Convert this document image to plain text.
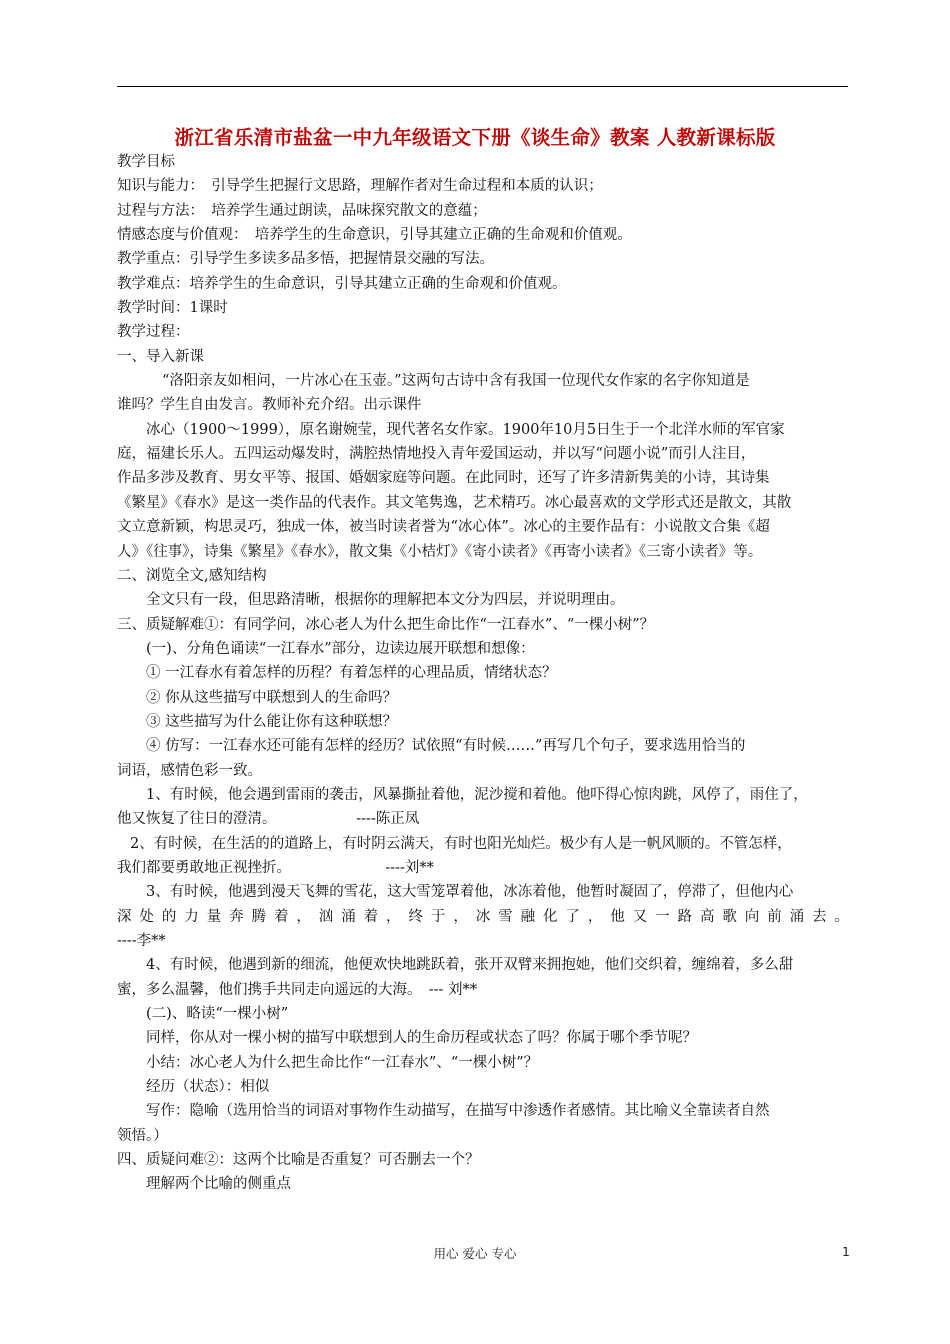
浙江省乐清市盐盆一中九年级语文下册《谈生命》教案 人教新课标版
教学目标
知识与能力：　引导学生把握行文思路，理解作者对生命过程和本质的认识；
过程与方法：　培养学生通过朗读，品味探究散文的意蕴；
情感态度与价值观：　培养学生的生命意识，引导其建立正确的生命观和价值观。
教学重点：引导学生多读多品多悟，把握情景交融的写法。
教学难点：培养学生的生命意识，引导其建立正确的生命观和价值观。
教学时间：1课时
教学过程：
一、导入新课
“洛阳亲友如相问，一片冰心在玉壶。”这两句古诗中含有我国一位现代女作家的名字你知道是
谁吗？学生自由发言。教师补充介绍。出示课件
冰心（1900～1999），原名谢婉莹，现代著名女作家。1900年10月5日生于一个北洋水师的军官家
庭，福建长乐人。五四运动爆发时，满腔热情地投入青年爱国运动，并以写“问题小说”而引人注目，
作品多涉及教育、男女平等、报国、婚姻家庭等问题。在此同时，还写了许多清新隽美的小诗，其诗集
《繁星》《春水》是这一类作品的代表作。其文笔隽逸，艺术精巧。冰心最喜欢的文学形式还是散文，其散
文立意新颖，构思灵巧，独成一体，被当时读者誉为“冰心体”。冰心的主要作品有：小说散文合集《超
人》《往事》，诗集《繁星》《春水》，散文集《小桔灯》《寄小读者》《再寄小读者》《三寄小读者》等。
二、浏览全文,感知结构
全文只有一段，但思路清晰，根据你的理解把本文分为四层，并说明理由。
三、质疑解难①：有同学问，冰心老人为什么把生命比作“一江春水”、“一棵小树”？
(一)、分角色诵读“一江春水”部分，边读边展开联想和想像：
① 一江春水有着怎样的历程？有着怎样的心理品质，情绪状态？
② 你从这些描写中联想到人的生命吗？
③ 这些描写为什么能让你有这种联想？
④ 仿写：一江春水还可能有怎样的经历？试依照“有时候……”再写几个句子，要求选用恰当的
词语，感情色彩一致。
1、有时候，他会遇到雷雨的袭击，风暴撕扯着他，泥沙搅和着他。他吓得心惊肉跳，风停了，雨住了，
他又恢复了往日的澄清。　　　　　　----陈正凤
2、有时候，在生活的的道路上，有时阴云满天，有时也阳光灿烂。极少有人是一帆风顺的。不管怎样，
我们都要勇敢地正视挫折。　　　　　　　----刘**
3、有时候，他遇到漫天飞舞的雪花，这大雪笼罩着他，冰冻着他，他暂时凝固了，停滞了，但他内心
深处的力量奔腾着，汹涌着，终于，冰雪融化了，他又一路高歌向前涌去。
----李**
4、有时候，他遇到新的细流，他便欢快地跳跃着，张开双臂来拥抱她，他们交织着，缠绵着，多么甜
蜜，多么温馨，他们携手共同走向遥远的大海。　--- 刘**
(二)、略读“一棵小树”
同样，你从对一棵小树的描写中联想到人的生命历程或状态了吗？你属于哪个季节呢？
小结：冰心老人为什么把生命比作“一江春水”、“一棵小树”？
经历（状态）：相似
写作：隐喻（选用恰当的词语对事物作生动描写，在描写中渗透作者感情。其比喻义全靠读者自然
领悟。）
四、质疑问难②：这两个比喻是否重复？可否删去一个？
理解两个比喻的侧重点
用心 爱心 专心	1
